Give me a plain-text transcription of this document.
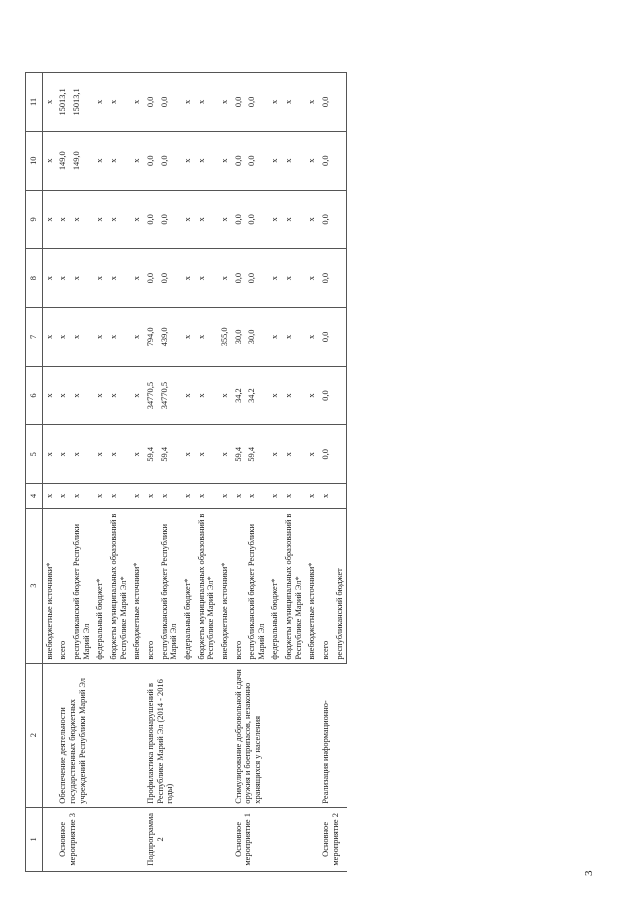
3
1	2	3	4	5	6	7	8	9	10	11
		внебюджетные источники*	x	x	x	x	x	x	x	x
Основное мероприятие 3	Обеспечение деятельности государственных бюджетных учреждений Республики Марий Эл	всего	x	x	x	x	x	x	149,0	15013,1
		республиканский бюджет Республики Марий Эл	x	x	x	x	x	x	149,0	15013,1
		федеральный бюджет*	x	x	x	x	x	x	x	x
		бюджеты муниципальных образований в Республике Марий Эл*	x	x	x	x	x	x	x	x
		внебюджетные источники*	x	x	x	x	x	x	x	x
Подпрограмма 2	Профилактика правонарушений в Республике Марий Эл (2014 - 2016 годы)	всего	x	59,4	34770,5	794,0	0,0	0,0	0,0	0,0
		республиканский бюджет Республики Марий Эл	x	59,4	34770,5	439,0	0,0	0,0	0,0	0,0
		федеральный бюджет*	x	x	x	x	x	x	x	x
		бюджеты муниципальных образований в Республике Марий Эл*	x	x	x	x	x	x	x	x
		внебюджетные источники*	x	x	x	355,0	x	x	x	x
Основное мероприятие 1	Стимулирование добровольной сдачи оружия и боеприпасов, незаконно хранящихся у населения	всего	x	59,4	34,2	30,0	0,0	0,0	0,0	0,0
		республиканский бюджет Республики Марий Эл	x	59,4	34,2	30,0	0,0	0,0	0,0	0,0
		федеральный бюджет*	x	x	x	x	x	x	x	x
		бюджеты муниципальных образований в Республике Марий Эл*	x	x	x	x	x	x	x	x
		внебюджетные источники*	x	x	x	x	x	x	x	x
Основное мероприятие 2	Реализация информационно-	всего	x	0,0	0,0	0,0	0,0	0,0	0,0	0,0
		республиканский бюджет								
